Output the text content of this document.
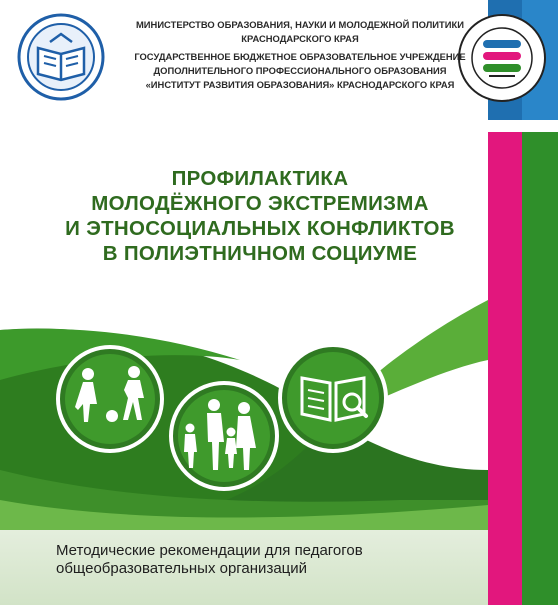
МИНИСТЕРСТВО ОБРАЗОВАНИЯ, НАУКИ И МОЛОДЕЖНОЙ ПОЛИТИКИ
КРАСНОДАРСКОГО КРАЯ
ГОСУДАРСТВЕННОЕ БЮДЖЕТНОЕ ОБРАЗОВАТЕЛЬНОЕ УЧРЕЖДЕНИЕ
ДОПОЛНИТЕЛЬНОГО ПРОФЕССИОНАЛЬНОГО ОБРАЗОВАНИЯ
«ИНСТИТУТ РАЗВИТИЯ ОБРАЗОВАНИЯ» КРАСНОДАРСКОГО КРАЯ
ПРОФИЛАКТИКА
МОЛОДЁЖНОГО ЭКСТРЕМИЗМА
И ЭТНОСОЦИАЛЬНЫХ КОНФЛИКТОВ
В ПОЛИЭТНИЧНОМ СОЦИУМЕ
Методические рекомендации для педагогов
общеобразовательных организаций
